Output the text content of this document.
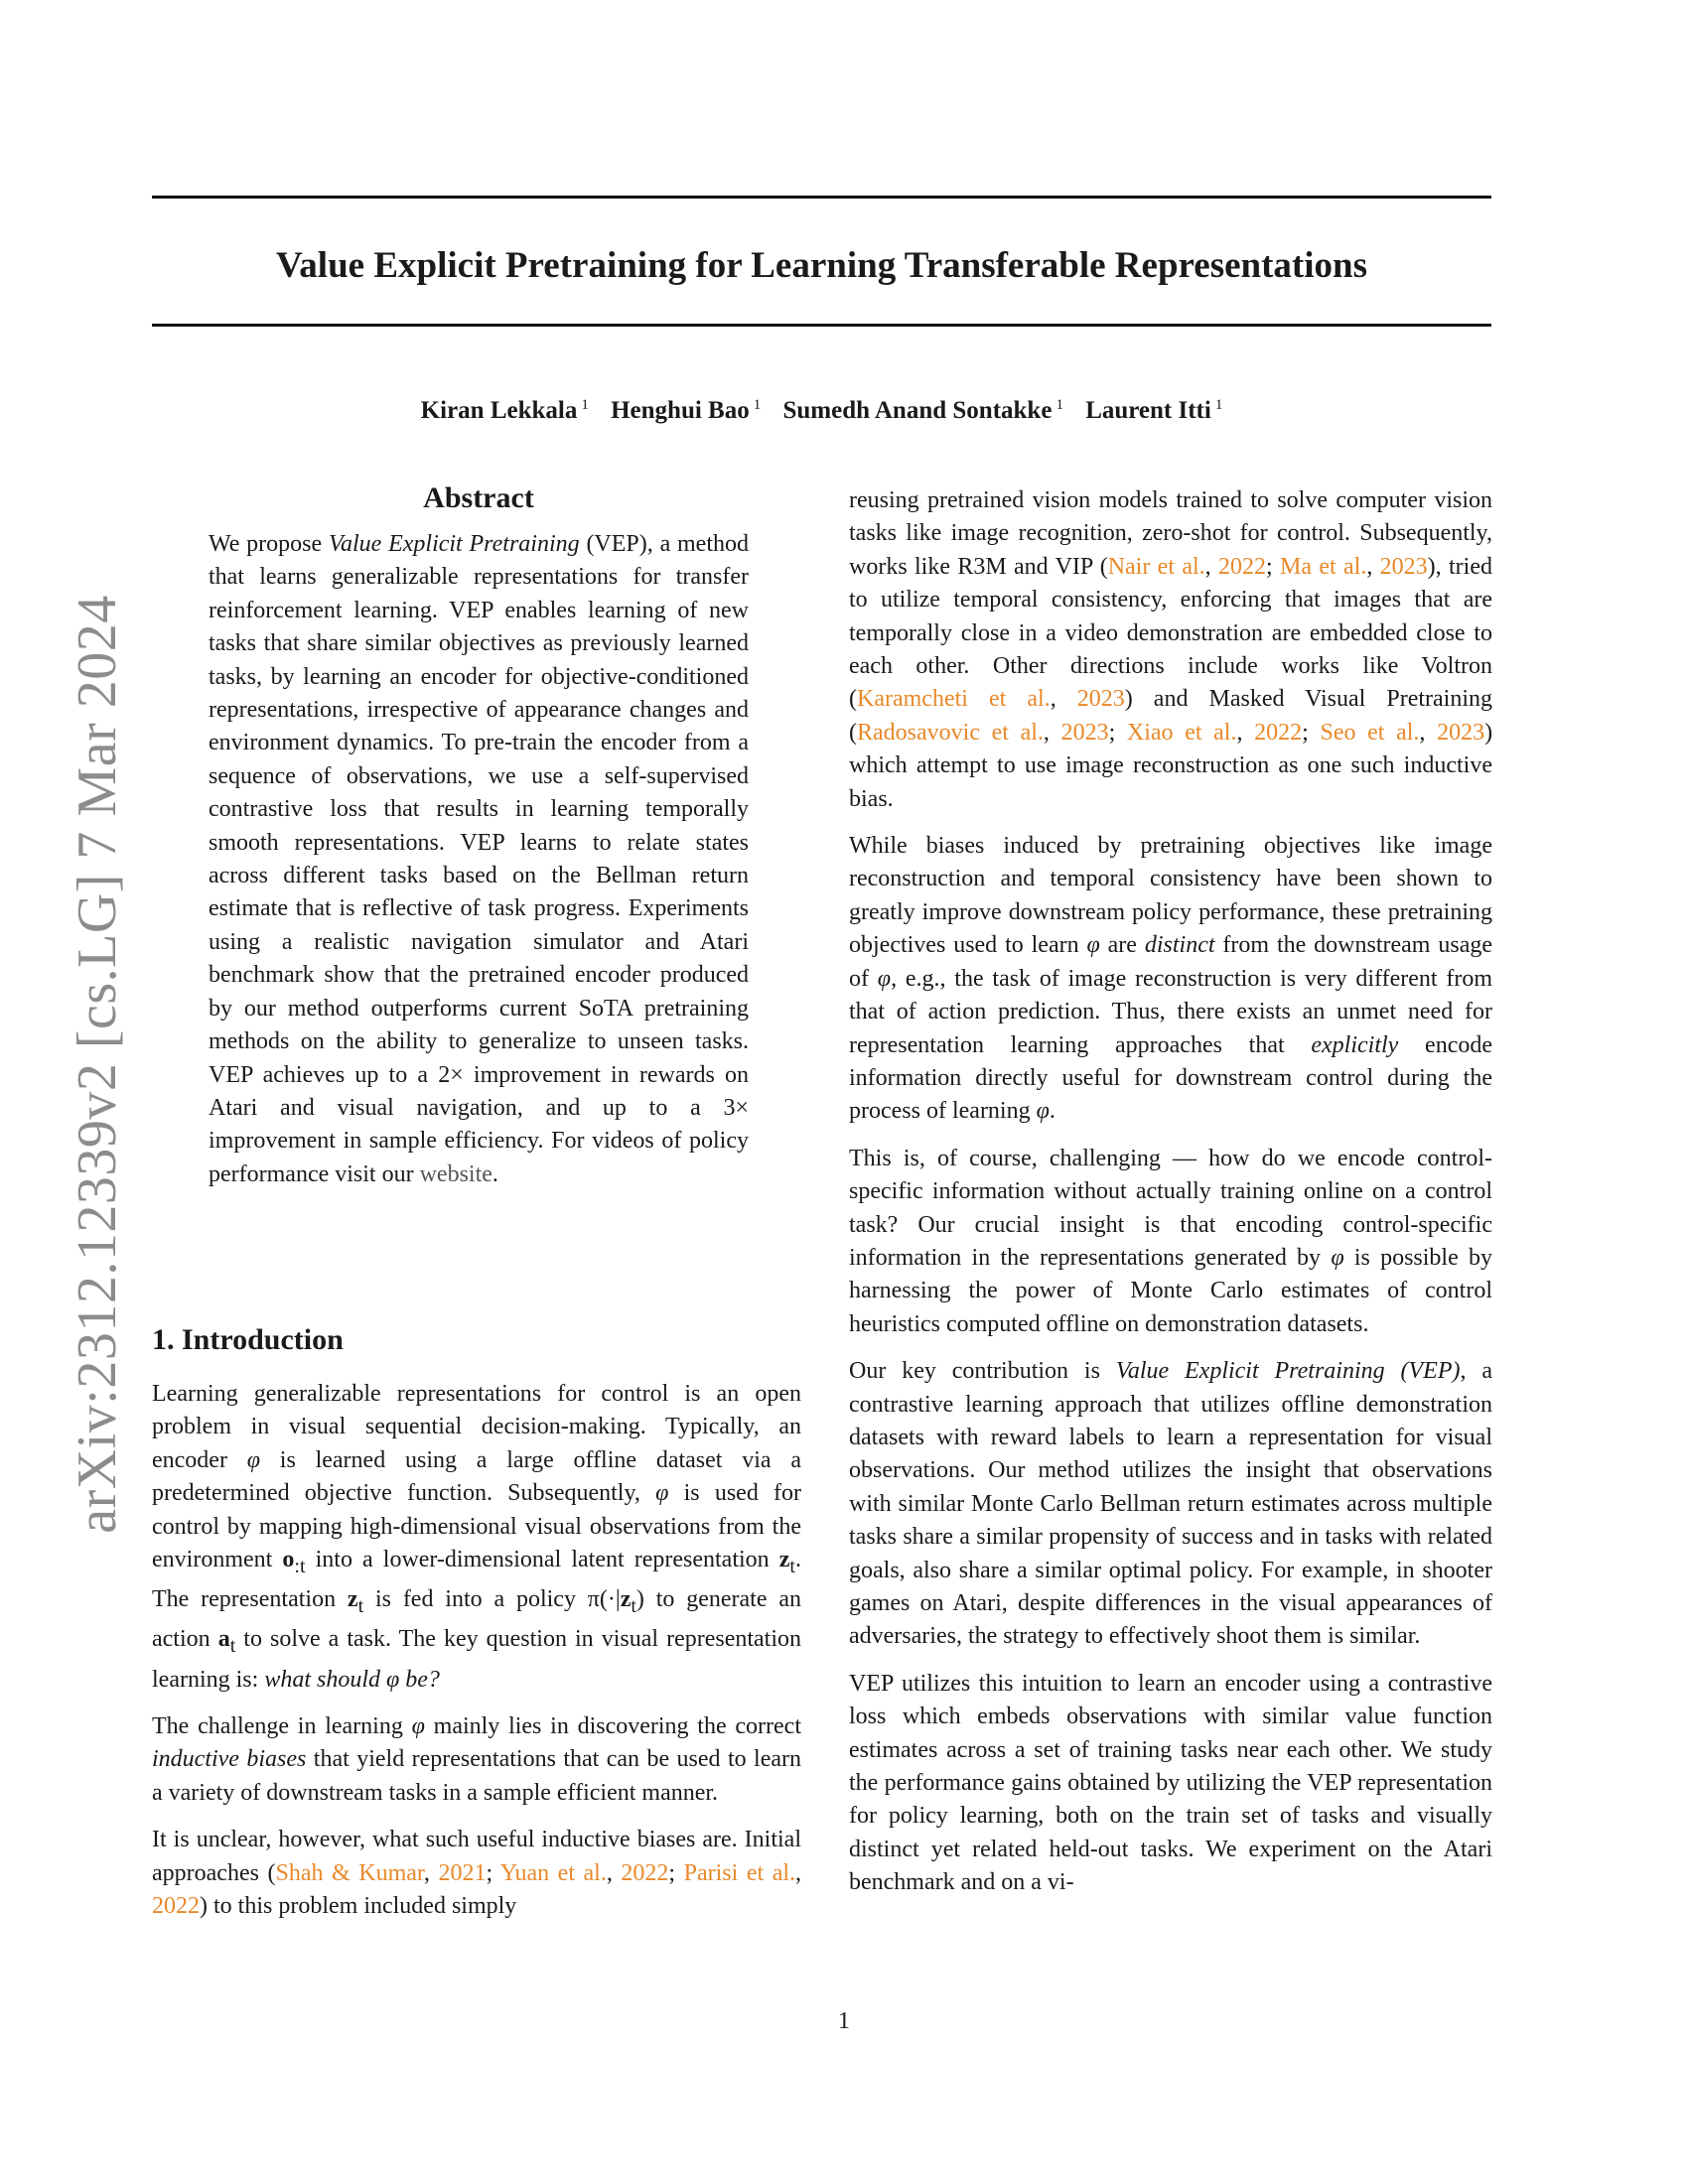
arXiv:2312.12339v2 [cs.LG] 7 Mar 2024
Value Explicit Pretraining for Learning Transferable Representations
Kiran Lekkala $^1$ Henghui Bao $^1$ Sumedh Anand Sontakke $^1$ Laurent Itti $^1$
Abstract

We propose Value Explicit Pretraining (VEP), a method that learns generalizable representations for transfer reinforcement learning. VEP enables learning of new tasks that share similar objectives as previously learned tasks, by learning an encoder for objective-conditioned representations, irrespective of appearance changes and environment dynamics. To pre-train the encoder from a sequence of observations, we use a self-supervised contrastive loss that results in learning temporally smooth representations. VEP learns to relate states across different tasks based on the Bellman return estimate that is reflective of task progress. Experiments using a realistic navigation simulator and Atari benchmark show that the pretrained encoder produced by our method outperforms current SoTA pretraining methods on the ability to generalize to unseen tasks. VEP achieves up to a 2× improvement in rewards on Atari and visual navigation, and up to a 3× improvement in sample efficiency. For videos of policy performance visit our website.

1. Introduction

Learning generalizable representations for control is an open problem in visual sequential decision-making. Typically, an encoder φ is learned using a large offline dataset via a predetermined objective function. Subsequently, φ is used for control by mapping high-dimensional visual observations from the environment $o_{:t}$ into a lower-dimensional latent representation $z_t$. The representation $z_t$ is fed into a policy $\pi(\cdot|z_t)$ to generate an action $a_t$ to solve a task. The key question in visual representation learning is: what should φ be?

The challenge in learning φ mainly lies in discovering the correct inductive biases that yield representations that can be used to learn a variety of downstream tasks in a sample efficient manner.

It is unclear, however, what such useful inductive biases are. Initial approaches (Shah & Kumar, 2021; Yuan et al., 2022; Parisi et al., 2022) to this problem included simply

reusing pretrained vision models trained to solve computer vision tasks like image recognition, zero-shot for control. Subsequently, works like R3M and VIP (Nair et al., 2022; Ma et al., 2023), tried to utilize temporal consistency, enforcing that images that are temporally close in a video demonstration are embedded close to each other. Other directions include works like Voltron (Karamcheti et al., 2023) and Masked Visual Pretraining (Radosavovic et al., 2023; Xiao et al., 2022; Seo et al., 2023) which attempt to use image reconstruction as one such inductive bias.

While biases induced by pretraining objectives like image reconstruction and temporal consistency have been shown to greatly improve downstream policy performance, these pretraining objectives used to learn φ are distinct from the downstream usage of φ, e.g., the task of image reconstruction is very different from that of action prediction. Thus, there exists an unmet need for representation learning approaches that explicitly encode information directly useful for downstream control during the process of learning φ.

This is, of course, challenging — how do we encode control-specific information without actually training online on a control task? Our crucial insight is that encoding control-specific information in the representations generated by φ is possible by harnessing the power of Monte Carlo estimates of control heuristics computed offline on demonstration datasets.

Our key contribution is Value Explicit Pretraining (VEP), a contrastive learning approach that utilizes offline demonstration datasets with reward labels to learn a representation for visual observations. Our method utilizes the insight that observations with similar Monte Carlo Bellman return estimates across multiple tasks share a similar propensity of success and in tasks with related goals, also share a similar optimal policy. For example, in shooter games on Atari, despite differences in the visual appearances of adversaries, the strategy to effectively shoot them is similar.

VEP utilizes this intuition to learn an encoder using a contrastive loss which embeds observations with similar value function estimates across a set of training tasks near each other. We study the performance gains obtained by utilizing the VEP representation for policy learning, both on the train set of tasks and visually distinct yet related held-out tasks. We experiment on the Atari benchmark and on a vi-

1
